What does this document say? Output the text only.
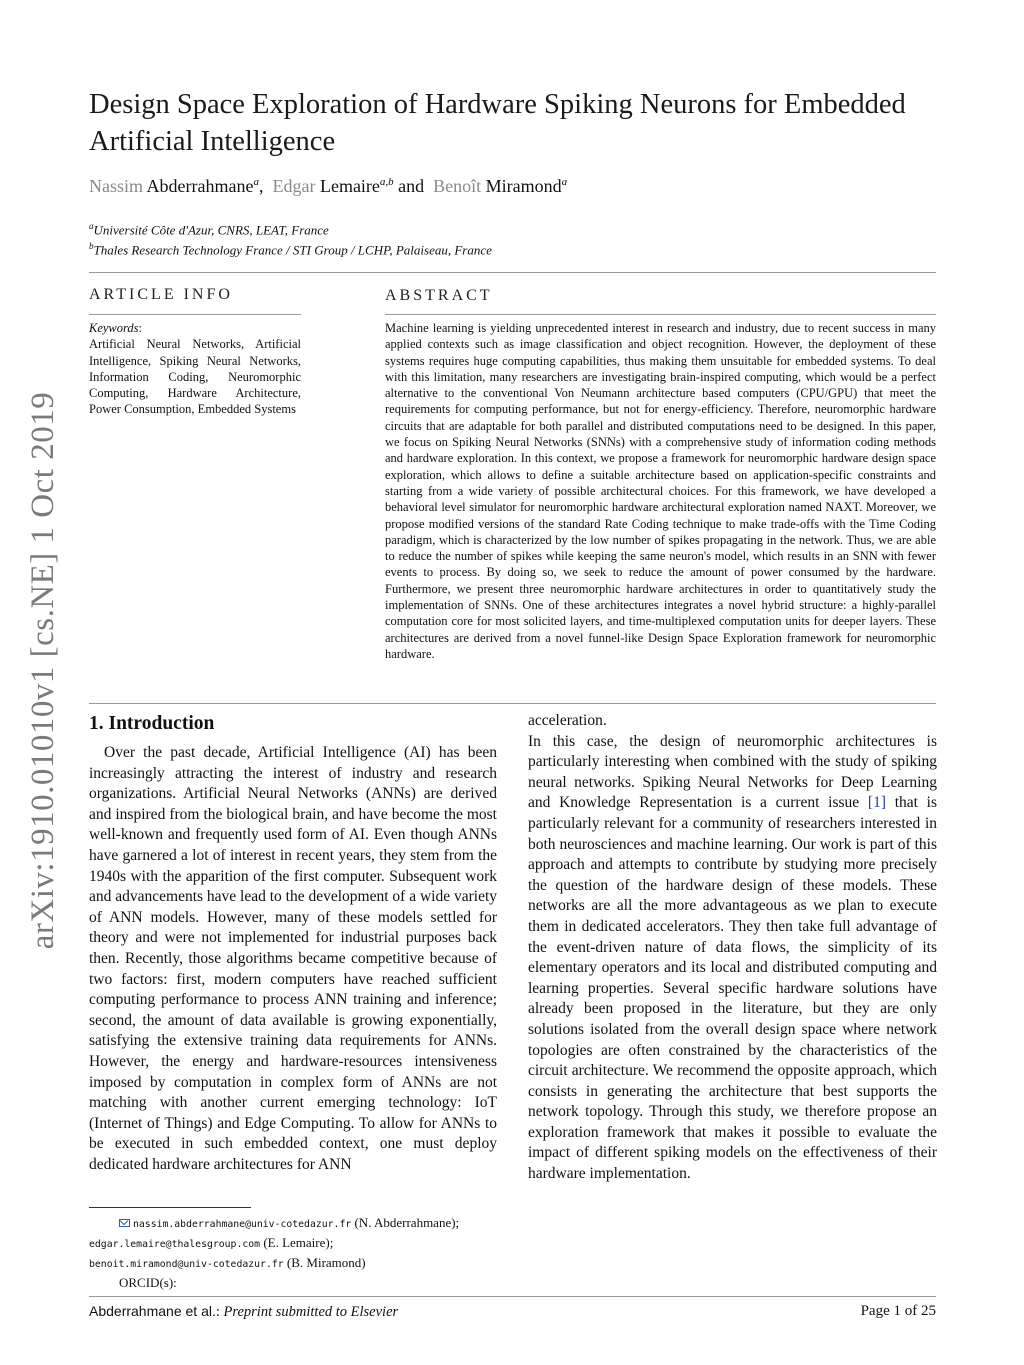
arXiv:1910.01010v1 [cs.NE] 1 Oct 2019
Design Space Exploration of Hardware Spiking Neurons for Embedded Artificial Intelligence
Nassim Abderrahmane$^a$,  Edgar Lemaire$^{a,b}$ and  Benoît Miramond$^a$
$^a$Université Côte d'Azur, CNRS, LEAT, France
$^b$Thales Research Technology France / STI Group / LCHP, Palaiseau, France
ARTICLE INFO
Keywords:
Artificial Neural Networks, Artificial Intelligence, Spiking Neural Networks, Information Coding, Neuromorphic Computing, Hardware Architecture, Power Consumption, Embedded Systems
ABSTRACT
Machine learning is yielding unprecedented interest in research and industry, due to recent success in many applied contexts such as image classification and object recognition. However, the deployment of these systems requires huge computing capabilities, thus making them unsuitable for embedded systems. To deal with this limitation, many researchers are investigating brain-inspired computing, which would be a perfect alternative to the conventional Von Neumann architecture based computers (CPU/GPU) that meet the requirements for computing performance, but not for energy-efficiency. Therefore, neuromorphic hardware circuits that are adaptable for both parallel and distributed computations need to be designed. In this paper, we focus on Spiking Neural Networks (SNNs) with a comprehensive study of information coding methods and hardware exploration. In this context, we propose a framework for neuromorphic hardware design space exploration, which allows to define a suitable architecture based on application-specific constraints and starting from a wide variety of possible architectural choices. For this framework, we have developed a behavioral level simulator for neuromorphic hardware architectural exploration named NAXT. Moreover, we propose modified versions of the standard Rate Coding technique to make trade-offs with the Time Coding paradigm, which is characterized by the low number of spikes propagating in the network. Thus, we are able to reduce the number of spikes while keeping the same neuron's model, which results in an SNN with fewer events to process. By doing so, we seek to reduce the amount of power consumed by the hardware. Furthermore, we present three neuromorphic hardware architectures in order to quantitatively study the implementation of SNNs. One of these architectures integrates a novel hybrid structure: a highly-parallel computation core for most solicited layers, and time-multiplexed computation units for deeper layers. These architectures are derived from a novel funnel-like Design Space Exploration framework for neuromorphic hardware.
1. Introduction
Over the past decade, Artificial Intelligence (AI) has been increasingly attracting the interest of industry and research organizations. Artificial Neural Networks (ANNs) are derived and inspired from the biological brain, and have become the most well-known and frequently used form of AI. Even though ANNs have garnered a lot of interest in recent years, they stem from the 1940s with the apparition of the first computer. Subsequent work and advancements have lead to the development of a wide variety of ANN models. However, many of these models settled for theory and were not implemented for industrial purposes back then. Recently, those algorithms became competitive because of two factors: first, modern computers have reached sufficient computing performance to process ANN training and inference; second, the amount of data available is growing exponentially, satisfying the extensive training data requirements for ANNs. However, the energy and hardware-resources intensiveness imposed by computation in complex form of ANNs are not matching with another current emerging technology: IoT (Internet of Things) and Edge Computing. To allow for ANNs to be executed in such embedded context, one must deploy dedicated hardware architectures for ANN

acceleration.

In this case, the design of neuromorphic architectures is particularly interesting when combined with the study of spiking neural networks. Spiking Neural Networks for Deep Learning and Knowledge Representation is a current issue [1] that is particularly relevant for a community of researchers interested in both neurosciences and machine learning. Our work is part of this approach and attempts to contribute by studying more precisely the question of the hardware design of these models. These networks are all the more advantageous as we plan to execute them in dedicated accelerators. They then take full advantage of the event-driven nature of data flows, the simplicity of its elementary operators and its local and distributed computing and learning properties. Several specific hardware solutions have already been proposed in the literature, but they are only solutions isolated from the overall design space where network topologies are often constrained by the characteristics of the circuit architecture. We recommend the opposite approach, which consists in generating the architecture that best supports the network topology. Through this study, we therefore propose an exploration framework that makes it possible to evaluate the impact of different spiking models on the effectiveness of their hardware implementation.

nassim.abderrahmane@univ-cotedazur.fr (N. Abderrahmane);
edgar.lemaire@thalesgroup.com (E. Lemaire);
benoit.miramond@univ-cotedazur.fr (B. Miramond)
ORCID(s):
Abderrahmane et al.: Preprint submitted to Elsevier	Page 1 of 25
